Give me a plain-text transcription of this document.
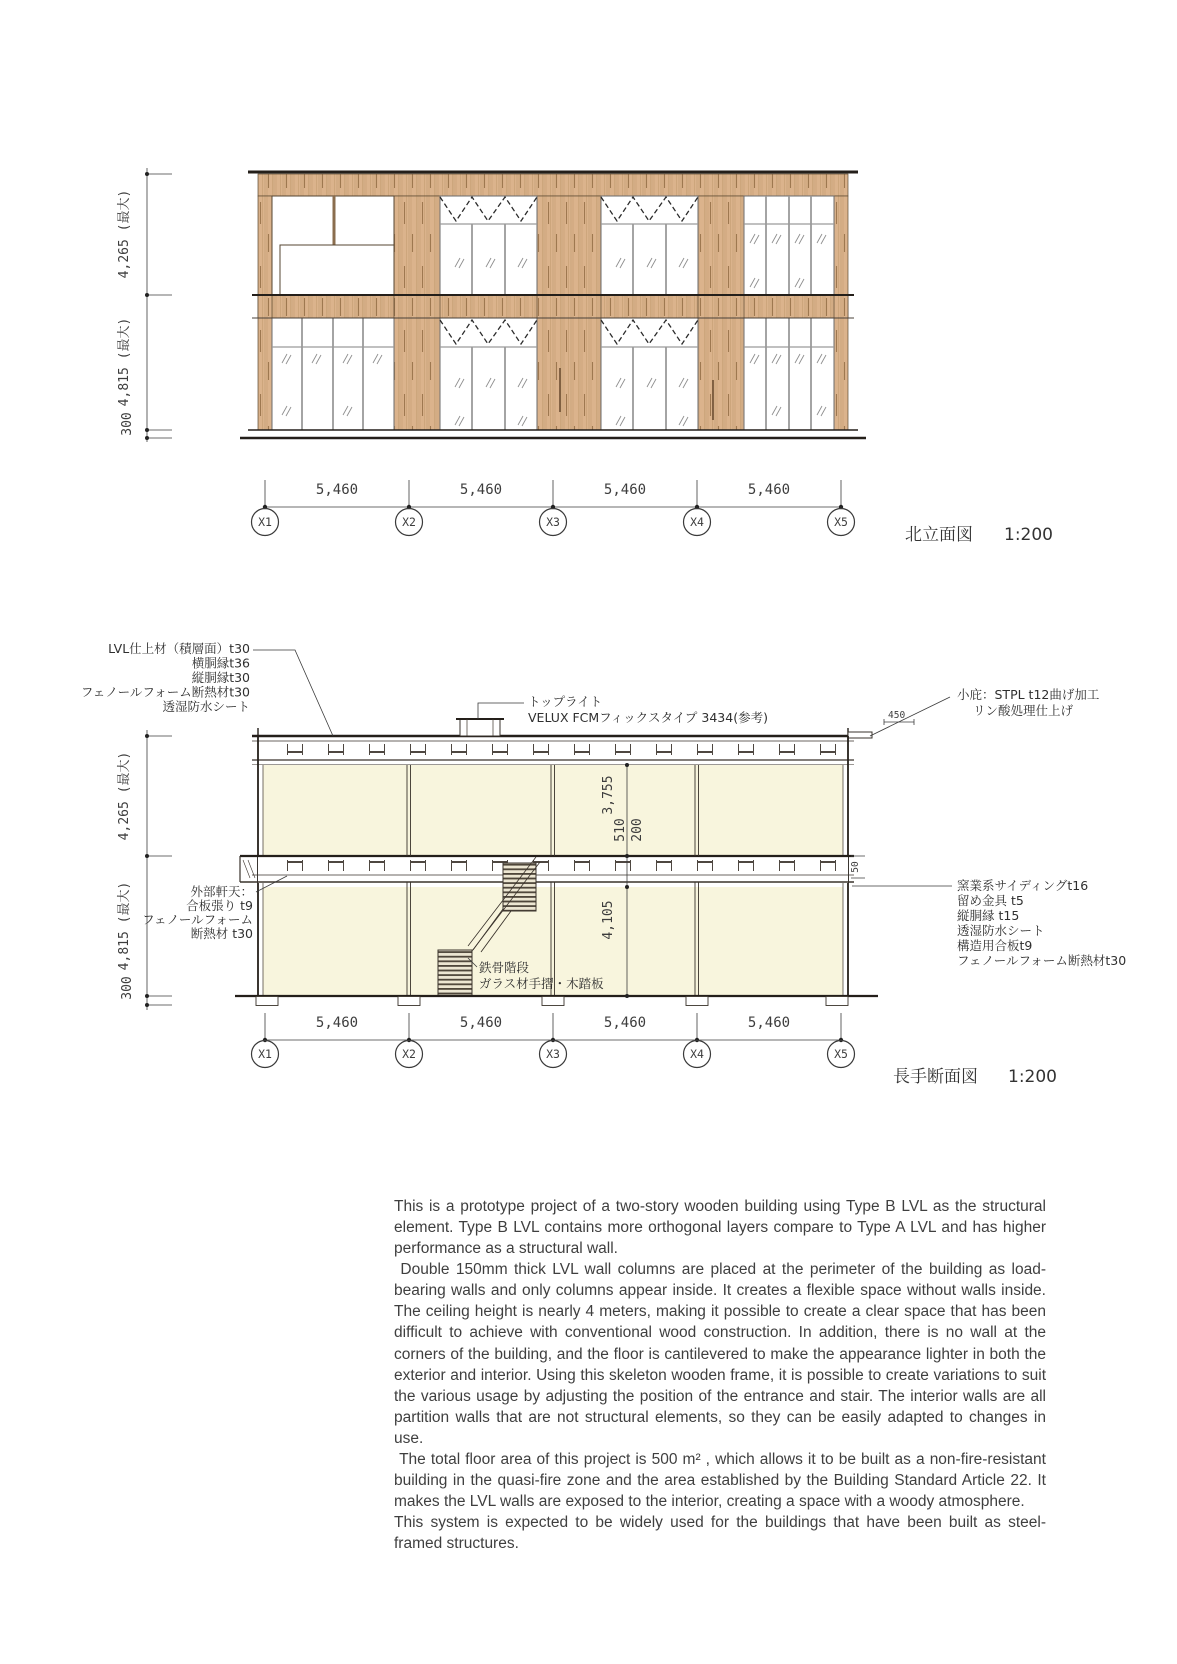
4,265 (最大)
4,815 (最大)
300
5,460	5,460	5,460	5,460
X1	X2	X3	X4	X5
北立面図 1:200
3,755
510 200
4,105
450
50
4,265 (最大)
4,815 (最大)
300
LVL仕上材（積層面）t30
横胴縁t36
縦胴縁t30
フェノールフォーム断熱材t30
透湿防水シート	トップライト
VELUX FCMフィックスタイプ 3434(参考)
小庇：STPL t12曲げ加工
リン酸処理仕上げ
外部軒天：
合板張り t9
フェノールフォーム
断熱材 t30
窯業系サイディングt16
留め金具 t5
縦胴縁 t15
透湿防水シート
構造用合板t9
フェノールフォーム断熱材t30
鉄骨階段
ガラス材手摺・木踏板
5,460	5,460	5,460	5,460
X1	X2	X3	X4	X5
長手断面図 1:200

This is a prototype project of a two-story wooden building using Type B LVL as the structural element. Type B LVL contains more orthogonal layers compare to Type A LVL and has higher performance as a structural wall.

Double 150mm thick LVL wall columns are placed at the perimeter of the building as load-bearing walls and only columns appear inside. It creates a flexible space without walls inside. The ceiling height is nearly 4 meters, making it possible to create a clear space that has been difficult to achieve with conventional wood construction. In addition, there is no wall at the corners of the building, and the floor is cantilevered to make the appearance lighter in both the exterior and interior. Using this skeleton wooden frame, it is possible to create variations to suit the various usage by adjusting the position of the entrance and stair. The interior walls are all partition walls that are not structural elements, so they can be easily adapted to changes in use.

The total floor area of this project is 500 m² , which allows it to be built as a non-fire-resistant building in the quasi-fire zone and the area established by the Building Standard Article 22. It makes the LVL walls are exposed to the interior, creating a space with a woody atmosphere.

This system is expected to be widely used for the buildings that have been built as steel-framed structures.
